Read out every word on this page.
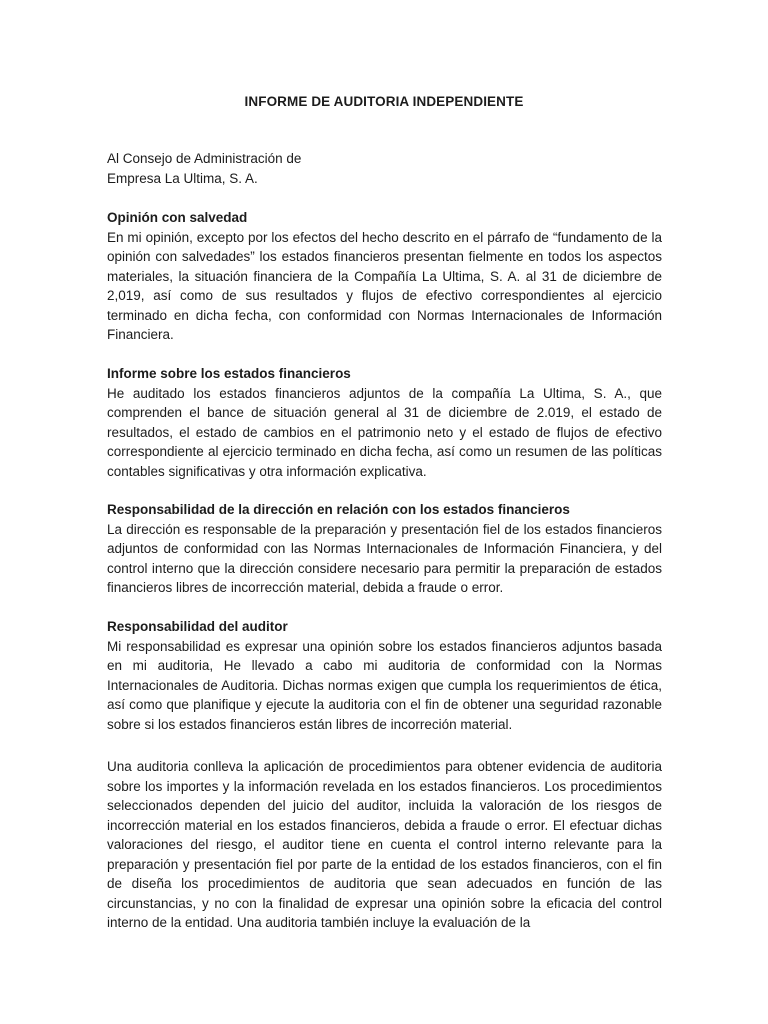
INFORME DE AUDITORIA INDEPENDIENTE
Al Consejo de Administración de
Empresa La Ultima, S. A.
Opinión con salvedad

En mi opinión, excepto por los efectos del hecho descrito en el párrafo de “fundamento de la opinión con salvedades” los estados financieros presentan fielmente en todos los aspectos materiales, la situación financiera de la Compañía La Ultima, S. A. al 31 de diciembre de 2,019, así como de sus resultados y flujos de efectivo correspondientes al ejercicio terminado en dicha fecha, con conformidad con Normas Internacionales de Información Financiera.

Informe sobre los estados financieros

He auditado los estados financieros adjuntos de la compañía La Ultima, S. A., que comprenden el bance de situación general al 31 de diciembre de 2.019, el estado de resultados, el estado de cambios en el patrimonio neto y el estado de flujos de efectivo correspondiente al ejercicio terminado en dicha fecha, así como un resumen de las políticas contables significativas y otra información explicativa.

Responsabilidad de la dirección en relación con los estados financieros

La dirección es responsable de la preparación y presentación fiel de los estados financieros adjuntos de conformidad con las Normas Internacionales de Información Financiera, y del control interno que la dirección considere necesario para permitir la preparación de estados financieros libres de incorrección material, debida a fraude o error.

Responsabilidad del auditor

Mi responsabilidad es expresar una opinión sobre los estados financieros adjuntos basada en mi auditoria, He llevado a cabo mi auditoria de conformidad con la Normas Internacionales de Auditoria. Dichas normas exigen que cumpla los requerimientos de ética, así como que planifique y ejecute la auditoria con el fin de obtener una seguridad razonable sobre si los estados financieros están libres de incorreción material.

Una auditoria conlleva la aplicación de procedimientos para obtener evidencia de auditoria sobre los importes y la información revelada en los estados financieros. Los procedimientos seleccionados dependen del juicio del auditor, incluida la valoración de los riesgos de incorrección material en los estados financieros, debida a fraude o error. El efectuar dichas valoraciones del riesgo, el auditor tiene en cuenta el control interno relevante para la preparación y presentación fiel por parte de la entidad de los estados financieros, con el fin de diseña los procedimientos de auditoria que sean adecuados en función de las circunstancias, y no con la finalidad de expresar una opinión sobre la eficacia del control interno de la entidad. Una auditoria también incluye la evaluación de la
